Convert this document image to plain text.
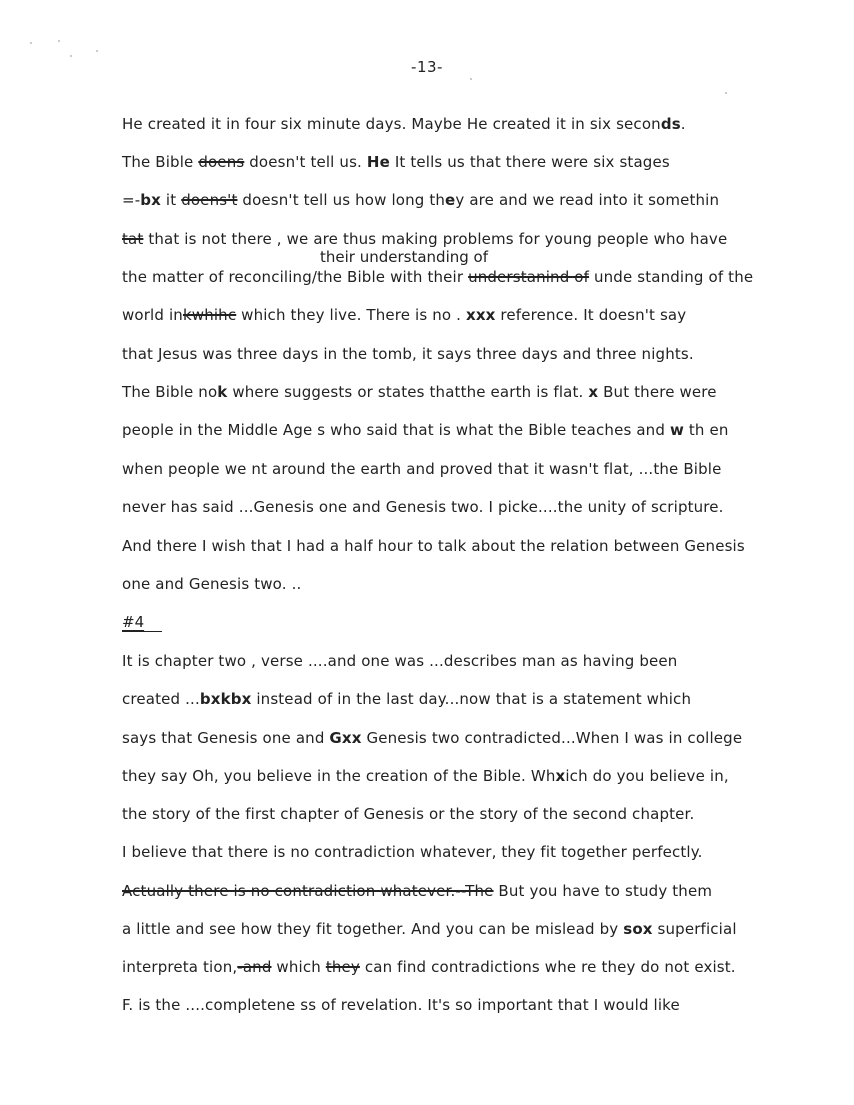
-13-
He created it in four six minute days. Maybe He created it in six seconds.
The Bible doens doesn't tell us. He It tells us that there were six stages
=-bx it doens't doesn't tell us how long they are and we read into it somethin
tat that is not there , we are thus making problems for young people who have
their understanding of
the matter of reconciling/the Bible with their understanind of unde standing of the
world inkwhihc which they live. There is no . xxx reference. It doesn't say
that Jesus was three days in the tomb, it says three days and three nights.
The Bible nok where suggests or states thatthe earth is flat. x But there were
people in the Middle Age s who said that is what the Bible teaches and w th en
when people we nt around the earth and proved that it wasn't flat, ...the Bible
never has said ...Genesis one and Genesis two. I picke....the unity of scripture.
And there I wish that I had a half hour to talk about the relation between Genesis
one and Genesis two. ..
#4
It is chapter two , verse ....and one was ...describes man as having been
created ...bxkbx instead of in the last day...now that is a statement which
says that Genesis one and Gxx Genesis two contradicted...When I was in college
they say Oh, you believe in the creation of the Bible. Whxich do you believe in,
the story of the first chapter of Genesis or the story of the second chapter.
I believe that there is no contradiction whatever, they fit together perfectly.
Actually there is no contradiction whatever.--The But you have to study them
a little and see how they fit together. And you can be mislead by sox superficial
interpreta tion,-and which they can find contradictions whe re they do not exist.
F. is the ....completene ss of revelation. It's so important that I would like
